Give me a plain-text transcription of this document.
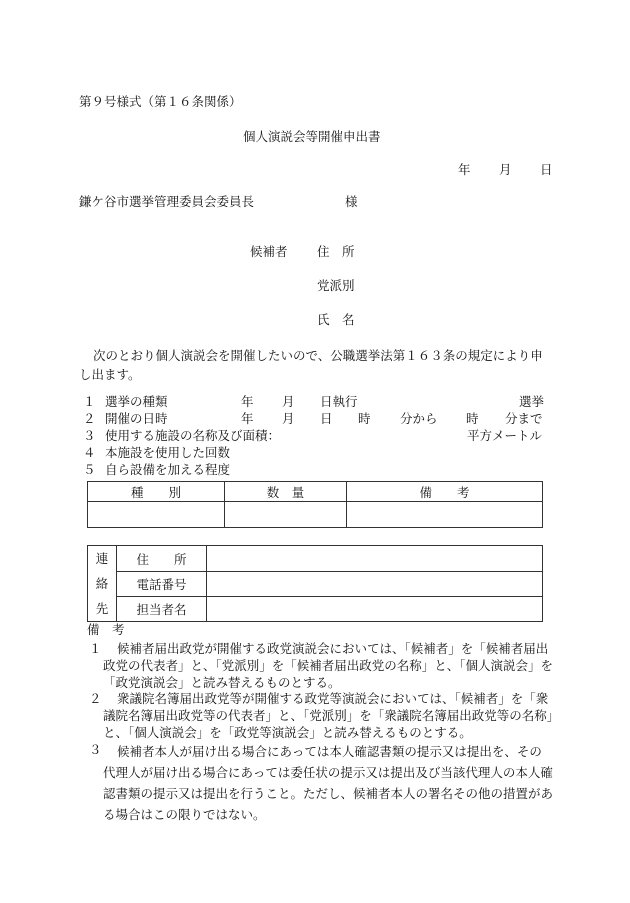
第９号様式（第１６条関係）
個人演説会等開催申出書
年 月 日
鎌ケ谷市選挙管理委員会委員長	様
候補者 住　所
党派別
氏　名
次のとおり個人演説会を開催したいので、公職選挙法第１６３条の規定により申し出ます。
１ 選挙の種類	年 月 日執行	選挙
２ 開催の日時	年 月 日 時 分から 時 分まで
３ 使用する施設の名称及び面積：	平方メートル
４ 本施設を使用した回数
５ 自ら設備を加える程度
種　　別	数　量	備　　考

連
絡
先	住　　所	
	電話番号	
	担当者名	
備　考
１	候補者届出政党が開催する政党演説会においては、「候補者」を「候補者届出政党の代表者」と、「党派別」を「候補者届出政党の名称」と、「個人演説会」を「政党演説会」と読み替えるものとする。
２	衆議院名簿届出政党等が開催する政党等演説会においては、「候補者」を「衆議院名簿届出政党等の代表者」と、「党派別」を「衆議院名簿届出政党等の名称」と、「個人演説会」を「政党等演説会」と読み替えるものとする。
３	候補者本人が届け出る場合にあっては本人確認書類の提示又は提出を、その代理人が届け出る場合にあっては委任状の提示又は提出及び当該代理人の本人確認書類の提示又は提出を行うこと。ただし、候補者本人の署名その他の措置がある場合はこの限りではない。
